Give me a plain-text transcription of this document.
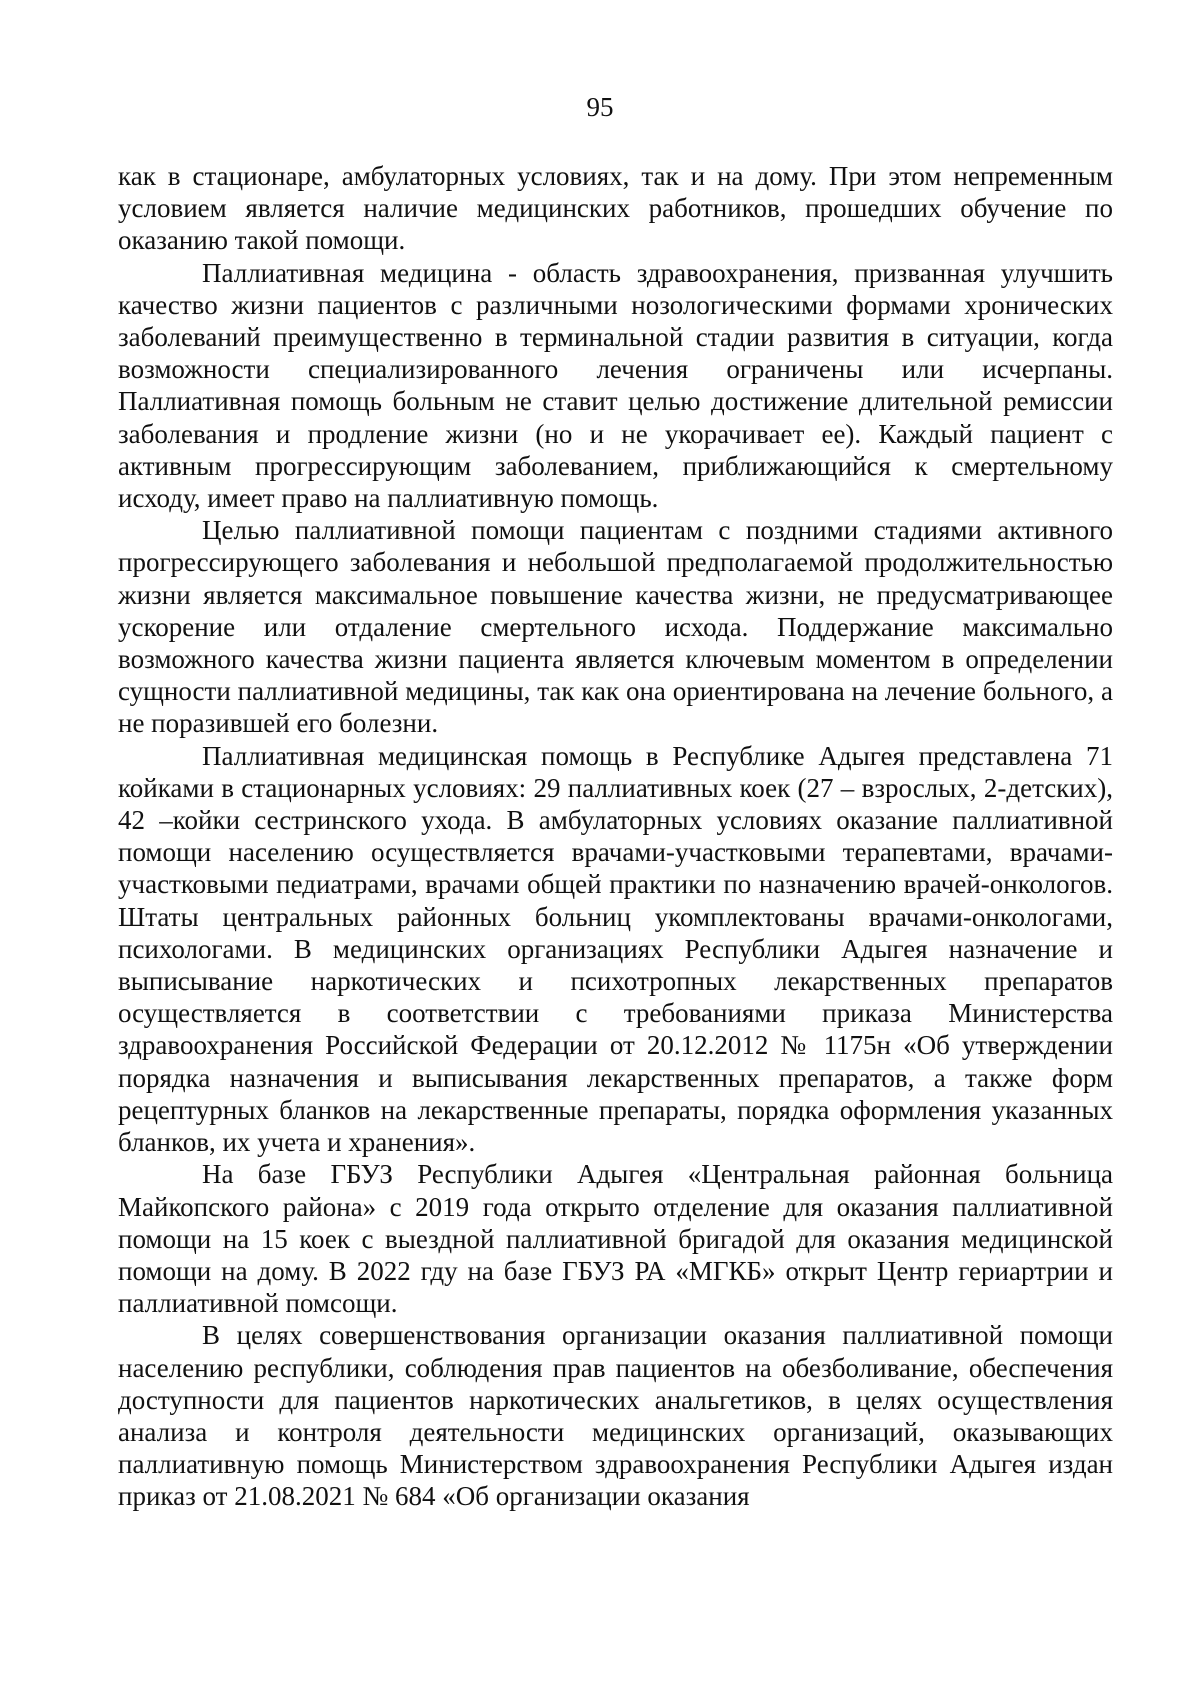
95

как в стационаре, амбулаторных условиях, так и на дому. При этом непременным условием является наличие медицинских работников, прошедших обучение по оказанию такой помощи.

Паллиативная медицина - область здравоохранения, призванная улучшить качество жизни пациентов с различными нозологическими формами хронических заболеваний преимущественно в терминальной стадии развития в ситуации, когда возможности специализированного лечения ограничены или исчерпаны. Паллиативная помощь больным не ставит целью достижение длительной ремиссии заболевания и продление жизни (но и не укорачивает ее). Каждый пациент с активным прогрессирующим заболеванием, приближающийся к смертельному исходу, имеет право на паллиативную помощь.

Целью паллиативной помощи пациентам с поздними стадиями активного прогрессирующего заболевания и небольшой предполагаемой продолжительностью жизни является максимальное повышение качества жизни, не предусматривающее ускорение или отдаление смертельного исхода. Поддержание максимально возможного качества жизни пациента является ключевым моментом в определении сущности паллиативной медицины, так как она ориентирована на лечение больного, а не поразившей его болезни.

Паллиативная медицинская помощь в Республике Адыгея представлена 71 койками в стационарных условиях: 29 паллиативных коек (27 – взрослых, 2-детских), 42 –койки сестринского ухода. В амбулаторных условиях оказание паллиативной помощи населению осуществляется врачами-участковыми терапевтами, врачами-участковыми педиатрами, врачами общей практики по назначению врачей-онкологов. Штаты центральных районных больниц укомплектованы врачами-онкологами, психологами. В медицинских организациях Республики Адыгея назначение и выписывание наркотических и психотропных лекарственных препаратов осуществляется в соответствии с требованиями приказа Министерства здравоохранения Российской Федерации от 20.12.2012 № 1175н «Об утверждении порядка назначения и выписывания лекарственных препаратов, а также форм рецептурных бланков на лекарственные препараты, порядка оформления указанных бланков, их учета и хранения».

На базе ГБУЗ Республики Адыгея «Центральная районная больница Майкопского района» с 2019 года открыто отделение для оказания паллиативной помощи на 15 коек с выездной паллиативной бригадой для оказания медицинской помощи на дому. В 2022 гду на базе ГБУЗ РА «МГКБ» открыт Центр гериартрии и паллиативной помсощи.

В целях совершенствования организации оказания паллиативной помощи населению республики, соблюдения прав пациентов на обезболивание, обеспечения доступности для пациентов наркотических анальгетиков, в целях осуществления анализа и контроля деятельности медицинских организаций, оказывающих паллиативную помощь Министерством здравоохранения Республики Адыгея издан приказ от 21.08.2021 № 684 «Об организации оказания
